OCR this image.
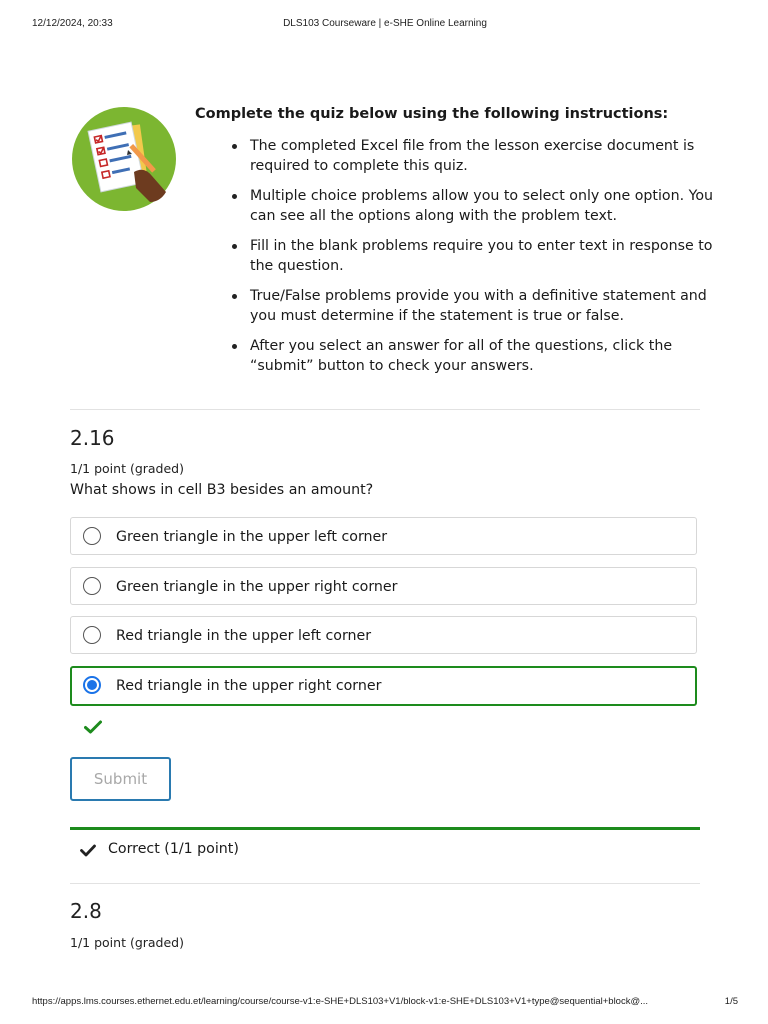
12/12/2024, 20:33	DLS103 Courseware | e-SHE Online Learning
Complete the quiz below using the following instructions:
The completed Excel file from the lesson exercise document is required to complete this quiz.
Multiple choice problems allow you to select only one option. You can see all the options along with the problem text.
Fill in the blank problems require you to enter text in response to the question.
True/False problems provide you with a definitive statement and you must determine if the statement is true or false.
After you select an answer for all of the questions, click the “submit” button to check your answers.
2.16
1/1 point (graded)
What shows in cell B3 besides an amount?
Green triangle in the upper left corner
Green triangle in the upper right corner
Red triangle in the upper left corner
Red triangle in the upper right corner
Submit
Correct (1/1 point)
2.8
1/1 point (graded)
https://apps.lms.courses.ethernet.edu.et/learning/course/course-v1:e-SHE+DLS103+V1/block-v1:e-SHE+DLS103+V1+type@sequential+block@...	1/5
